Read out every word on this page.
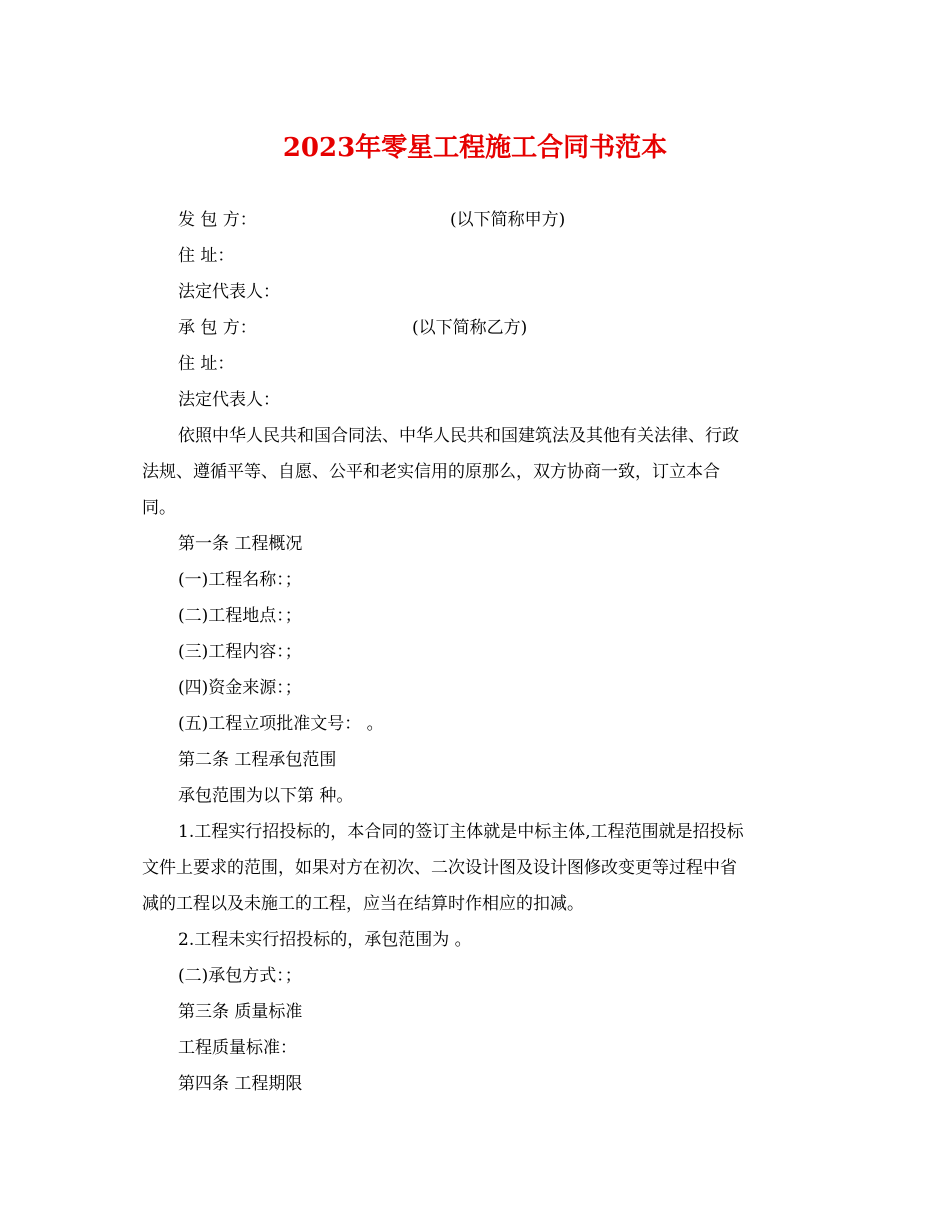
2023年零星工程施工合同书范本
发 包 方：	(以下简称甲方)
住 址：
法定代表人：
承 包 方：	(以下简称乙方)
住 址：
法定代表人：
依照中华人民共和国合同法、中华人民共和国建筑法及其他有关法律、行政
法规、遵循平等、自愿、公平和老实信用的原那么，双方协商一致，订立本合
同。
第一条 工程概况
(一)工程名称：；
(二)工程地点：；
(三)工程内容：；
(四)资金来源：；
(五)工程立项批准文号： 。
第二条 工程承包范围
承包范围为以下第 种。
1.工程实行招投标的，本合同的签订主体就是中标主体,工程范围就是招投标
文件上要求的范围，如果对方在初次、二次设计图及设计图修改变更等过程中省
减的工程以及未施工的工程，应当在结算时作相应的扣减。
2.工程未实行招投标的，承包范围为 。
(二)承包方式：；
第三条 质量标准
工程质量标准：
第四条 工程期限
